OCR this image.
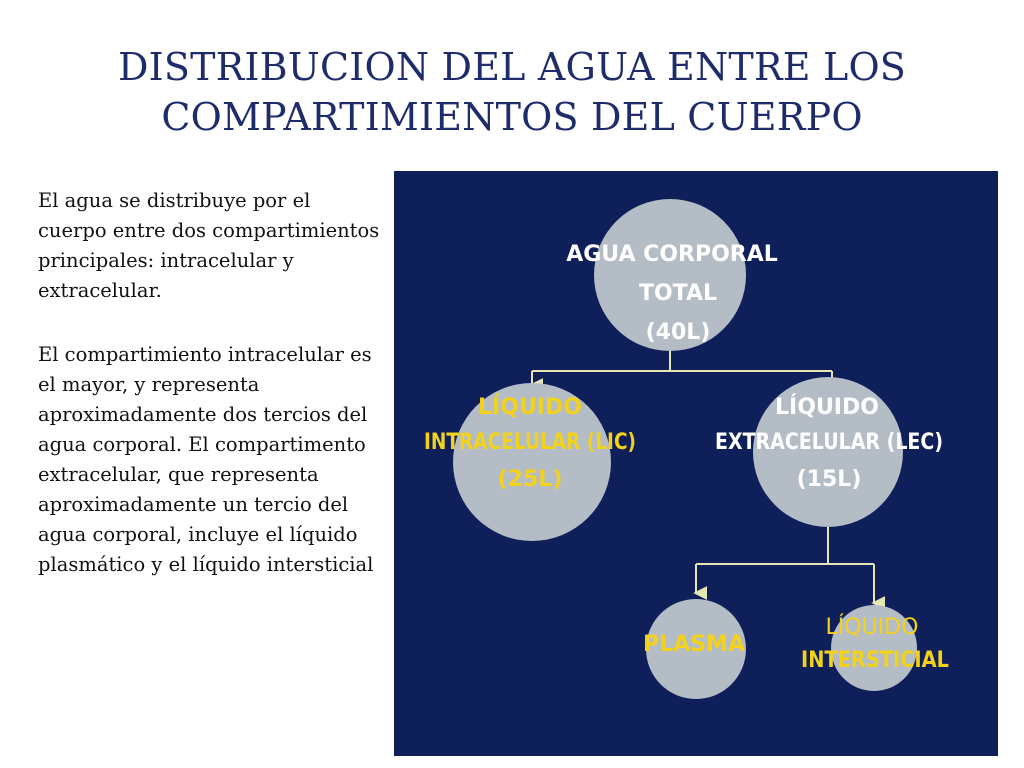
DISTRIBUCION DEL AGUA ENTRE LOS
COMPARTIMIENTOS DEL CUERPO

El agua se distribuye por el cuerpo entre dos compartimientos principales: intracelular y extracelular.

El compartimiento intracelular es el mayor, y representa aproximadamente dos tercios del agua corporal. El compartimento extracelular, que representa aproximadamente un tercio del agua corporal, incluye el líquido plasmático y el líquido intersticial

AGUA CORPORAL
TOTAL
(40L)
LÍQUIDO
INTRACELULAR (LIC)
(25L)
LÍQUIDO
EXTRACELULAR (LEC)
(15L)
PLASMA
LÍQUIDO
INTERSTICIAL
